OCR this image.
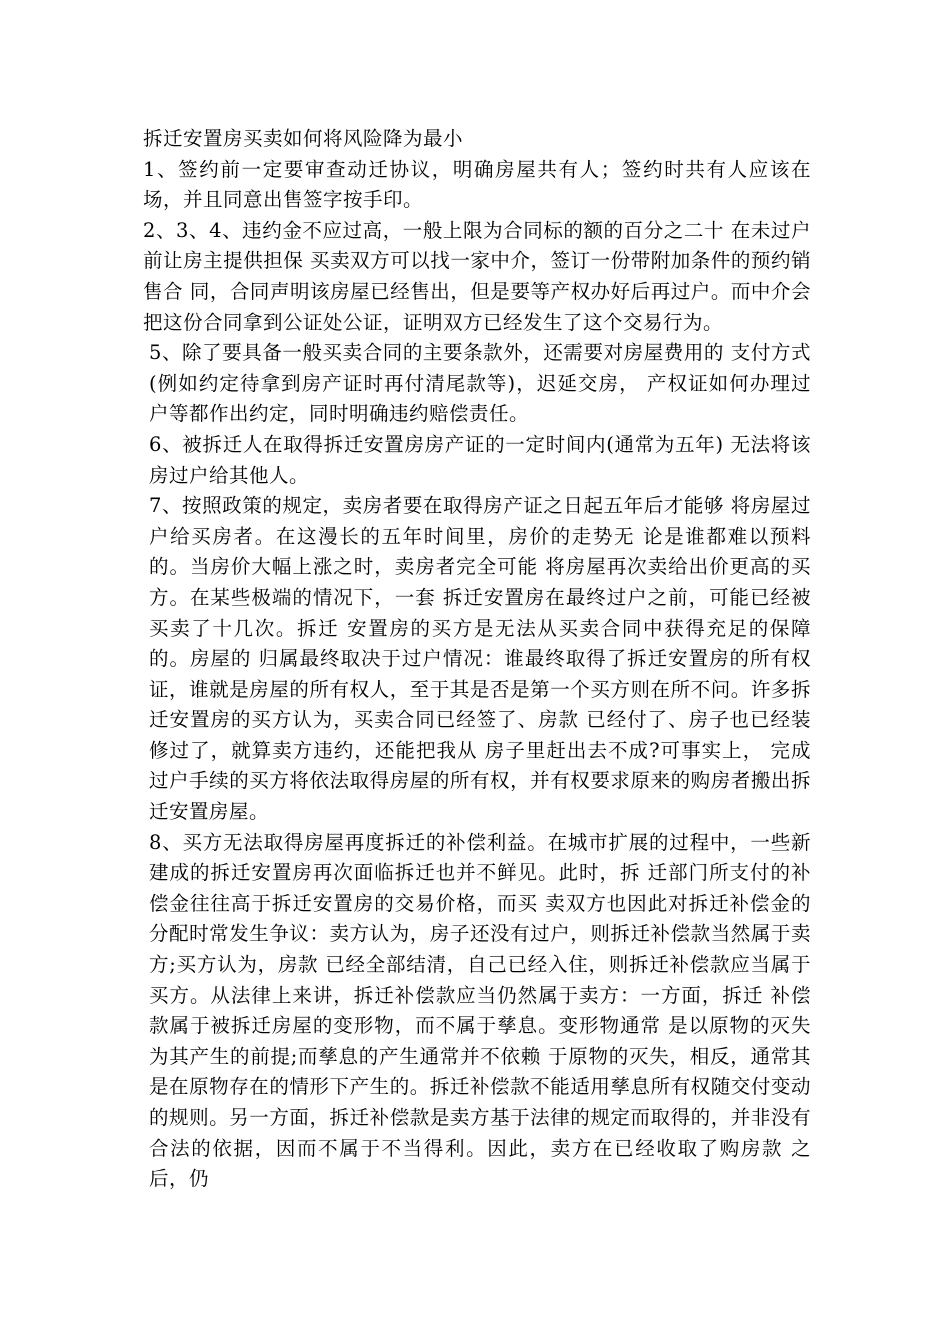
拆迁安置房买卖如何将风险降为最小

1、签约前一定要审查动迁协议，明确房屋共有人；签约时共有人应该在场，并且同意出售签字按手印。

2、3、4、违约金不应过高，一般上限为合同标的额的百分之二十 在未过户前让房主提供担保 买卖双方可以找一家中介，签订一份带附加条件的预约销售合 同，合同声明该房屋已经售出，但是要等产权办好后再过户。而中介会把这份合同拿到公证处公证，证明双方已经发生了这个交易行为。

5、除了要具备一般买卖合同的主要条款外，还需要对房屋费用的 支付方式(例如约定待拿到房产证时再付清尾款等)，迟延交房， 产权证如何办理过户等都作出约定，同时明确违约赔偿责任。

6、被拆迁人在取得拆迁安置房房产证的一定时间内(通常为五年) 无法将该房过户给其他人。

7、按照政策的规定，卖房者要在取得房产证之日起五年后才能够 将房屋过户给买房者。在这漫长的五年时间里，房价的走势无 论是谁都难以预料的。当房价大幅上涨之时，卖房者完全可能 将房屋再次卖给出价更高的买方。在某些极端的情况下，一套 拆迁安置房在最终过户之前，可能已经被买卖了十几次。拆迁 安置房的买方是无法从买卖合同中获得充足的保障的。房屋的 归属最终取决于过户情况：谁最终取得了拆迁安置房的所有权 证，谁就是房屋的所有权人，至于其是否是第一个买方则在所不问。许多拆迁安置房的买方认为，买卖合同已经签了、房款 已经付了、房子也已经装修过了，就算卖方违约，还能把我从 房子里赶出去不成?可事实上， 完成过户手续的买方将依法取得房屋的所有权，并有权要求原来的购房者搬出拆迁安置房屋。

8、买方无法取得房屋再度拆迁的补偿利益。在城市扩展的过程中，一些新建成的拆迁安置房再次面临拆迁也并不鲜见。此时，拆 迁部门所支付的补偿金往往高于拆迁安置房的交易价格，而买 卖双方也因此对拆迁补偿金的分配时常发生争议：卖方认为，房子还没有过户，则拆迁补偿款当然属于卖方;买方认为，房款 已经全部结清，自己已经入住，则拆迁补偿款应当属于买方。从法律上来讲，拆迁补偿款应当仍然属于卖方：一方面，拆迁 补偿款属于被拆迁房屋的变形物，而不属于孳息。变形物通常 是以原物的灭失为其产生的前提;而孳息的产生通常并不依赖 于原物的灭失，相反，通常其是在原物存在的情形下产生的。拆迁补偿款不能适用孳息所有权随交付变动的规则。另一方面，拆迁补偿款是卖方基于法律的规定而取得的，并非没有合法的依据，因而不属于不当得利。因此，卖方在已经收取了购房款 之后，仍
